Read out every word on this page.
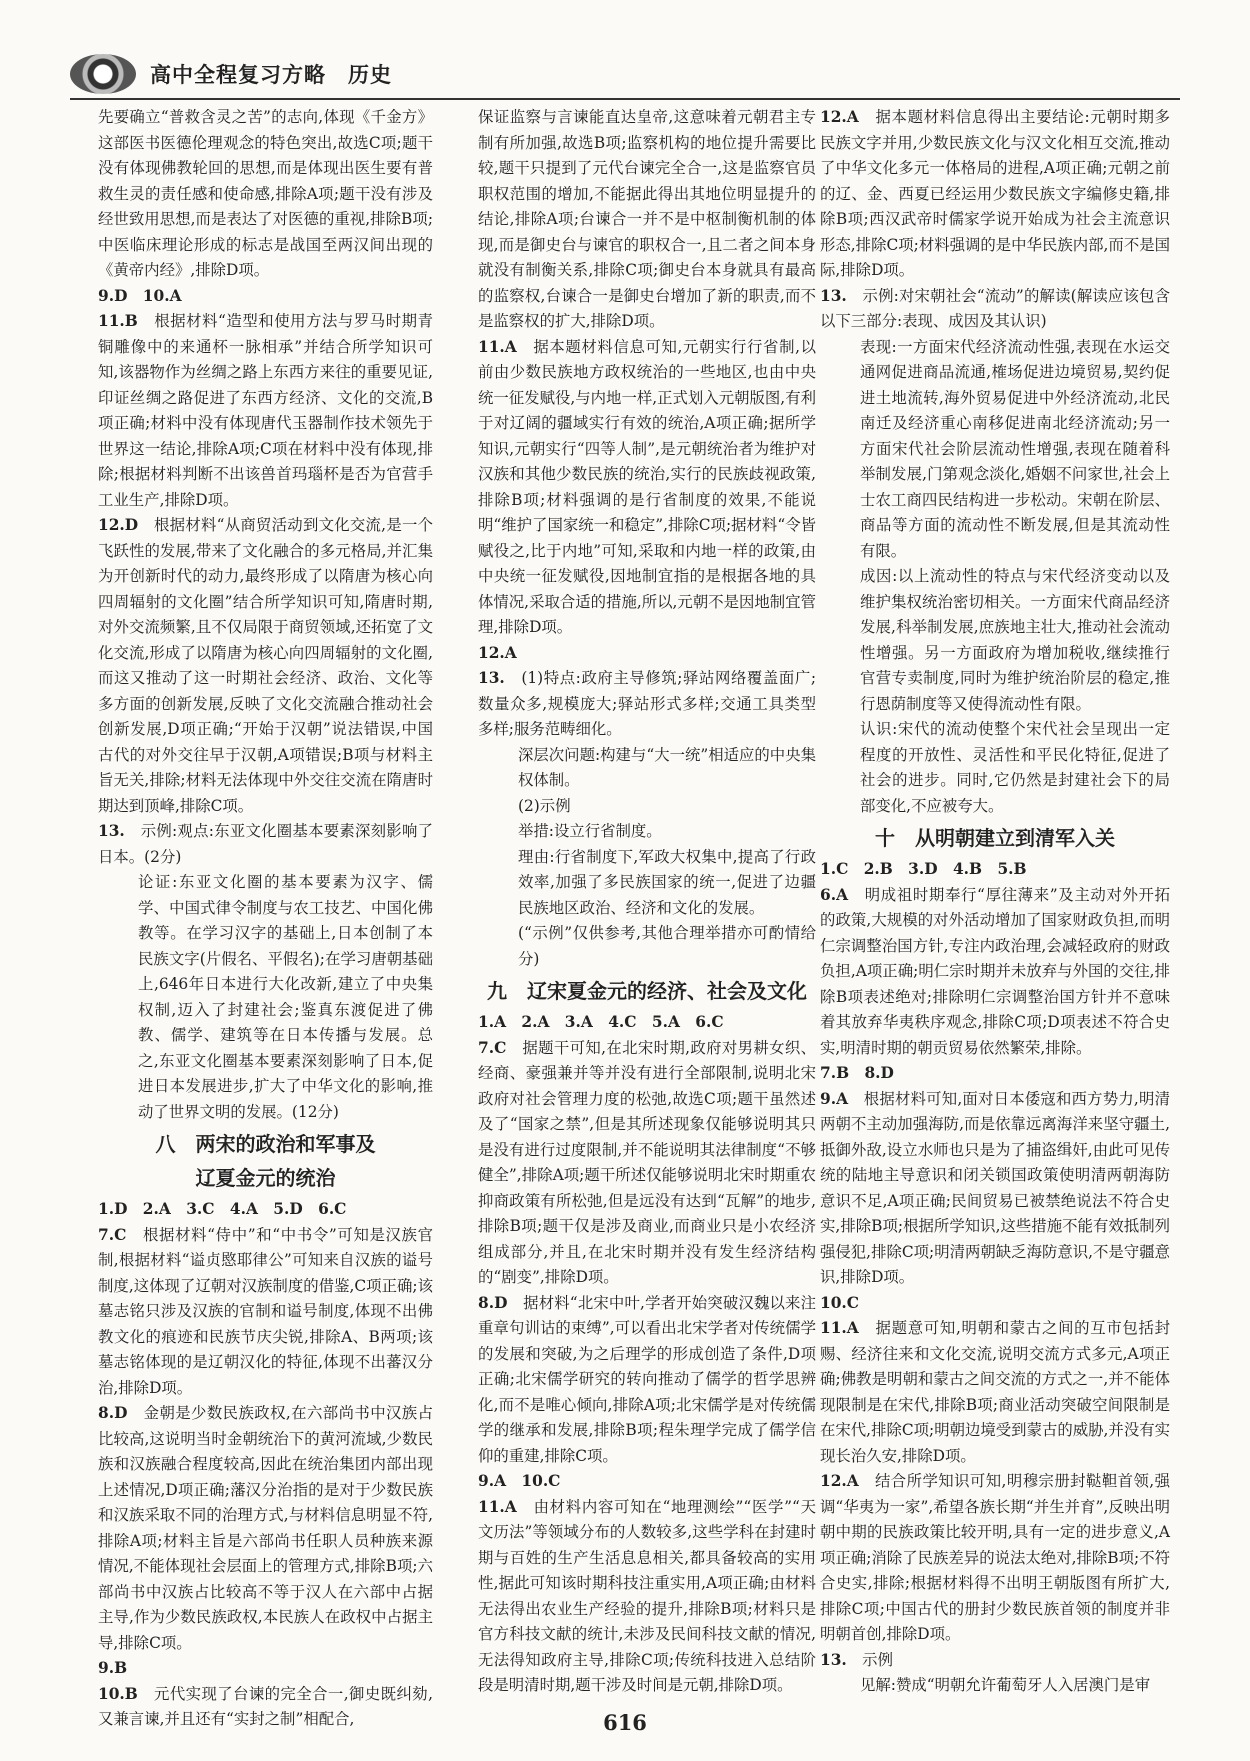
高中全程复习方略　历史

先要确立“普救含灵之苦”的志向,体现《千金方》这部医书医德伦理观念的特色突出,故选C项;题干没有体现佛教轮回的思想,而是体现出医生要有普救生灵的责任感和使命感,排除A项;题干没有涉及经世致用思想,而是表达了对医德的重视,排除B项;中医临床理论形成的标志是战国至两汉间出现的《黄帝内经》,排除D项。

9.D　10.A

11.B　根据材料“造型和使用方法与罗马时期青铜雕像中的来通杯一脉相承”并结合所学知识可知,该器物作为丝绸之路上东西方来往的重要见证,印证丝绸之路促进了东西方经济、文化的交流,B项正确;材料中没有体现唐代玉器制作技术领先于世界这一结论,排除A项;C项在材料中没有体现,排除;根据材料判断不出该兽首玛瑙杯是否为官营手工业生产,排除D项。

12.D　根据材料“从商贸活动到文化交流,是一个飞跃性的发展,带来了文化融合的多元格局,并汇集为开创新时代的动力,最终形成了以隋唐为核心向四周辐射的文化圈”结合所学知识可知,隋唐时期,对外交流频繁,且不仅局限于商贸领域,还拓宽了文化交流,形成了以隋唐为核心向四周辐射的文化圈,而这又推动了这一时期社会经济、政治、文化等多方面的创新发展,反映了文化交流融合推动社会创新发展,D项正确;“开始于汉朝”说法错误,中国古代的对外交往早于汉朝,A项错误;B项与材料主旨无关,排除;材料无法体现中外交往交流在隋唐时期达到顶峰,排除C项。

13.　示例:观点:东亚文化圈基本要素深刻影响了日本。(2分)

论证:东亚文化圈的基本要素为汉字、儒学、中国式律令制度与农工技艺、中国化佛教等。在学习汉字的基础上,日本创制了本民族文字(片假名、平假名);在学习唐朝基础上,646年日本进行大化改新,建立了中央集权制,迈入了封建社会;鉴真东渡促进了佛教、儒学、建筑等在日本传播与发展。总之,东亚文化圈基本要素深刻影响了日本,促进日本发展进步,扩大了中华文化的影响,推动了世界文明的发展。(12分)

八　两宋的政治和军事及
辽夏金元的统治

1.D　2.A　3.C　4.A　5.D　6.C

7.C　根据材料“侍中”和“中书令”可知是汉族官制,根据材料“谥贞愍耶律公”可知来自汉族的谥号制度,这体现了辽朝对汉族制度的借鉴,C项正确;该墓志铭只涉及汉族的官制和谥号制度,体现不出佛教文化的痕迹和民族节庆尖锐,排除A、B两项;该墓志铭体现的是辽朝汉化的特征,体现不出蕃汉分治,排除D项。

8.D　金朝是少数民族政权,在六部尚书中汉族占比较高,这说明当时金朝统治下的黄河流域,少数民族和汉族融合程度较高,因此在统治集团内部出现上述情况,D项正确;藩汉分治指的是对于少数民族和汉族采取不同的治理方式,与材料信息明显不符,排除A项;材料主旨是六部尚书任职人员种族来源情况,不能体现社会层面上的管理方式,排除B项;六部尚书中汉族占比较高不等于汉人在六部中占据主导,作为少数民族政权,本民族人在政权中占据主导,排除C项。

9.B

10.B　元代实现了台谏的完全合一,御史既纠劾,又兼言谏,并且还有“实封之制”相配合,

保证监察与言谏能直达皇帝,这意味着元朝君主专制有所加强,故选B项;监察机构的地位提升需要比较,题干只提到了元代台谏完全合一,这是监察官员职权范围的增加,不能据此得出其地位明显提升的结论,排除A项;台谏合一并不是中枢制衡机制的体现,而是御史台与谏官的职权合一,且二者之间本身就没有制衡关系,排除C项;御史台本身就具有最高的监察权,台谏合一是御史台增加了新的职责,而不是监察权的扩大,排除D项。

11.A　据本题材料信息可知,元朝实行行省制,以前由少数民族地方政权统治的一些地区,也由中央统一征发赋役,与内地一样,正式划入元朝版图,有利于对辽阔的疆域实行有效的统治,A项正确;据所学知识,元朝实行“四等人制”,是元朝统治者为维护对汉族和其他少数民族的统治,实行的民族歧视政策,排除B项;材料强调的是行省制度的效果,不能说明“维护了国家统一和稳定”,排除C项;据材料“令皆赋役之,比于内地”可知,采取和内地一样的政策,由中央统一征发赋役,因地制宜指的是根据各地的具体情况,采取合适的措施,所以,元朝不是因地制宜管理,排除D项。

12.A

13.　(1)特点:政府主导修筑;驿站网络覆盖面广;数量众多,规模庞大;驿站形式多样;交通工具类型多样;服务范畴细化。

深层次问题:构建与“大一统”相适应的中央集权体制。

(2)示例

举措:设立行省制度。

理由:行省制度下,军政大权集中,提高了行政效率,加强了多民族国家的统一,促进了边疆民族地区政治、经济和文化的发展。

(“示例”仅供参考,其他合理举措亦可酌情给分)

九　辽宋夏金元的经济、社会及文化

1.A　2.A　3.A　4.C　5.A　6.C

7.C　据题干可知,在北宋时期,政府对男耕女织、经商、豪强兼并等并没有进行全部限制,说明北宋政府对社会管理力度的松弛,故选C项;题干虽然述及了“国家之禁”,但是其所述现象仅能够说明其只是没有进行过度限制,并不能说明其法律制度“不够健全”,排除A项;题干所述仅能够说明北宋时期重农抑商政策有所松弛,但是远没有达到“瓦解”的地步,排除B项;题干仅是涉及商业,而商业只是小农经济组成部分,并且,在北宋时期并没有发生经济结构的“剧变”,排除D项。

8.D　据材料“北宋中叶,学者开始突破汉魏以来注重章句训诂的束缚”,可以看出北宋学者对传统儒学的发展和突破,为之后理学的形成创造了条件,D项正确;北宋儒学研究的转向推动了儒学的哲学思辨化,而不是唯心倾向,排除A项;北宋儒学是对传统儒学的继承和发展,排除B项;程朱理学完成了儒学信仰的重建,排除C项。

9.A　10.C

11.A　由材料内容可知在“地理测绘”“医学”“天文历法”等领域分布的人数较多,这些学科在封建时期与百姓的生产生活息息相关,都具备较高的实用性,据此可知该时期科技注重实用,A项正确;由材料无法得出农业生产经验的提升,排除B项;材料只是官方科技文献的统计,未涉及民间科技文献的情况,无法得知政府主导,排除C项;传统科技进入总结阶段是明清时期,题干涉及时间是元朝,排除D项。

12.A　据本题材料信息得出主要结论:元朝时期多民族文字并用,少数民族文化与汉文化相互交流,推动了中华文化多元一体格局的进程,A项正确;元朝之前的辽、金、西夏已经运用少数民族文字编修史籍,排除B项;西汉武帝时儒家学说开始成为社会主流意识形态,排除C项;材料强调的是中华民族内部,而不是国际,排除D项。

13.　示例:对宋朝社会“流动”的解读(解读应该包含以下三部分:表现、成因及其认识)

表现:一方面宋代经济流动性强,表现在水运交通网促进商品流通,榷场促进边境贸易,契约促进土地流转,海外贸易促进中外经济流动,北民南迁及经济重心南移促进南北经济流动;另一方面宋代社会阶层流动性增强,表现在随着科举制发展,门第观念淡化,婚姻不问家世,社会上士农工商四民结构进一步松动。宋朝在阶层、商品等方面的流动性不断发展,但是其流动性有限。

成因:以上流动性的特点与宋代经济变动以及维护集权统治密切相关。一方面宋代商品经济发展,科举制发展,庶族地主壮大,推动社会流动性增强。另一方面政府为增加税收,继续推行官营专卖制度,同时为维护统治阶层的稳定,推行恩荫制度等又使得流动性有限。

认识:宋代的流动使整个宋代社会呈现出一定程度的开放性、灵活性和平民化特征,促进了社会的进步。同时,它仍然是封建社会下的局部变化,不应被夸大。

十　从明朝建立到清军入关

1.C　2.B　3.D　4.B　5.B

6.A　明成祖时期奉行“厚往薄来”及主动对外开拓的政策,大规模的对外活动增加了国家财政负担,而明仁宗调整治国方针,专注内政治理,会减轻政府的财政负担,A项正确;明仁宗时期并未放弃与外国的交往,排除B项表述绝对;排除明仁宗调整治国方针并不意味着其放弃华夷秩序观念,排除C项;D项表述不符合史实,明清时期的朝贡贸易依然繁荣,排除。

7.B　8.D

9.A　根据材料可知,面对日本倭寇和西方势力,明清两朝不主动加强海防,而是依靠远离海洋来坚守疆土,抵御外敌,设立水师也只是为了捕盗缉奸,由此可见传统的陆地主导意识和闭关锁国政策使明清两朝海防意识不足,A项正确;民间贸易已被禁绝说法不符合史实,排除B项;根据所学知识,这些措施不能有效抵制列强侵犯,排除C项;明清两朝缺乏海防意识,不是守疆意识,排除D项。

10.C

11.A　据题意可知,明朝和蒙古之间的互市包括封赐、经济往来和文化交流,说明交流方式多元,A项正确;佛教是明朝和蒙古之间交流的方式之一,并不能体现限制是在宋代,排除B项;商业活动突破空间限制是在宋代,排除C项;明朝边境受到蒙古的威胁,并没有实现长治久安,排除D项。

12.A　结合所学知识可知,明穆宗册封鞑靼首领,强调“华夷为一家”,希望各族长期“并生并育”,反映出明朝中期的民族政策比较开明,具有一定的进步意义,A项正确;消除了民族差异的说法太绝对,排除B项;不符合史实,排除;根据材料得不出明王朝版图有所扩大,排除C项;中国古代的册封少数民族首领的制度并非明朝首创,排除D项。

13.　示例

见解:赞成“明朝允许葡萄牙人入居澳门是审

616
